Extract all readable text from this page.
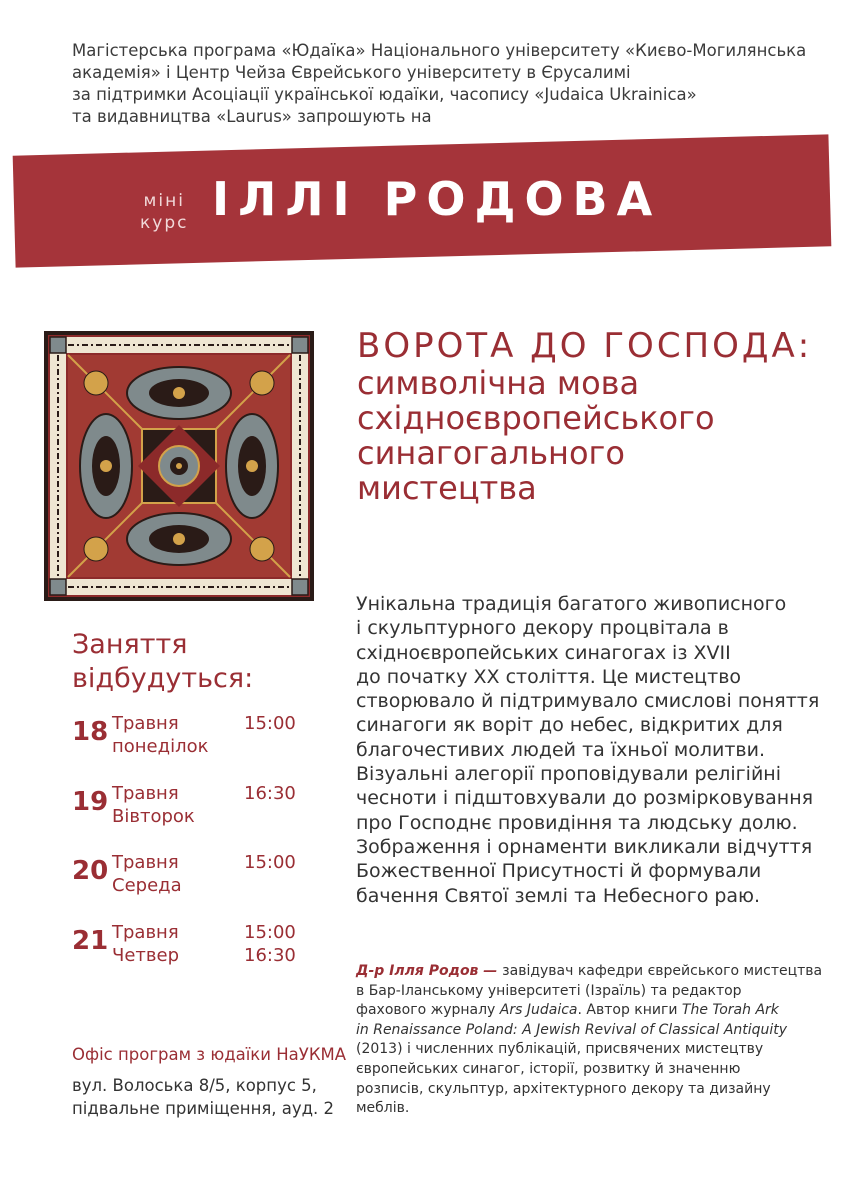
Магістерська програма «Юдаїка» Національного університету «Києво-Могилянська
академія» і Центр Чейза Єврейського університету в Єрусалимі
за підтримки Асоціації української юдаїки, часопису «Judaica Ukrainica»
та видавництва «Laurus» запрошують на
міні
курс ІЛЛІ РОДОВА
ВОРОТА ДО ГОСПОДА:
символічна мова
східноєвропейського
синагогального
мистецтва
Унікальна традиція багатого живописного
і скульптурного декору процвітала в
східноєвропейських синагогах із XVII
до початку XX століття. Це мистецтво
створювало й підтримувало смислові поняття
синагоги як воріт до небес, відкритих для
благочестивих людей та їхньої молитви.
Візуальні алегорії проповідували релігійні
чесноти і підштовхували до розмірковування
про Господнє провидіння та людську долю.
Зображення і орнаменти викликали відчуття
Божественної Присутності й формували
бачення Святої землі та Небесного раю.
Заняття
відбудуться:
18 Травня
понеділок
15:00
19 Травня
Вівторок
16:30
20 Травня
Середа
15:00
21 Травня
Четвер
15:00
16:30
Офіс програм з юдаїки НаУКМА
вул. Волоська 8/5, корпус 5,
підвальне приміщення, ауд. 2
Д-р Ілля Родов — завідувач кафедри єврейського мистецтва
в Бар-Іланському університеті (Ізраїль) та редактор
фахового журналу Ars Judaica. Автор книги The Torah Ark
in Renaissance Poland: A Jewish Revival of Classical Antiquity
(2013) і численних публікацій, присвячених мистецтву
європейських синагог, історії, розвитку й значенню
розписів, скульптур, архітектурного декору та дизайну
меблів.
